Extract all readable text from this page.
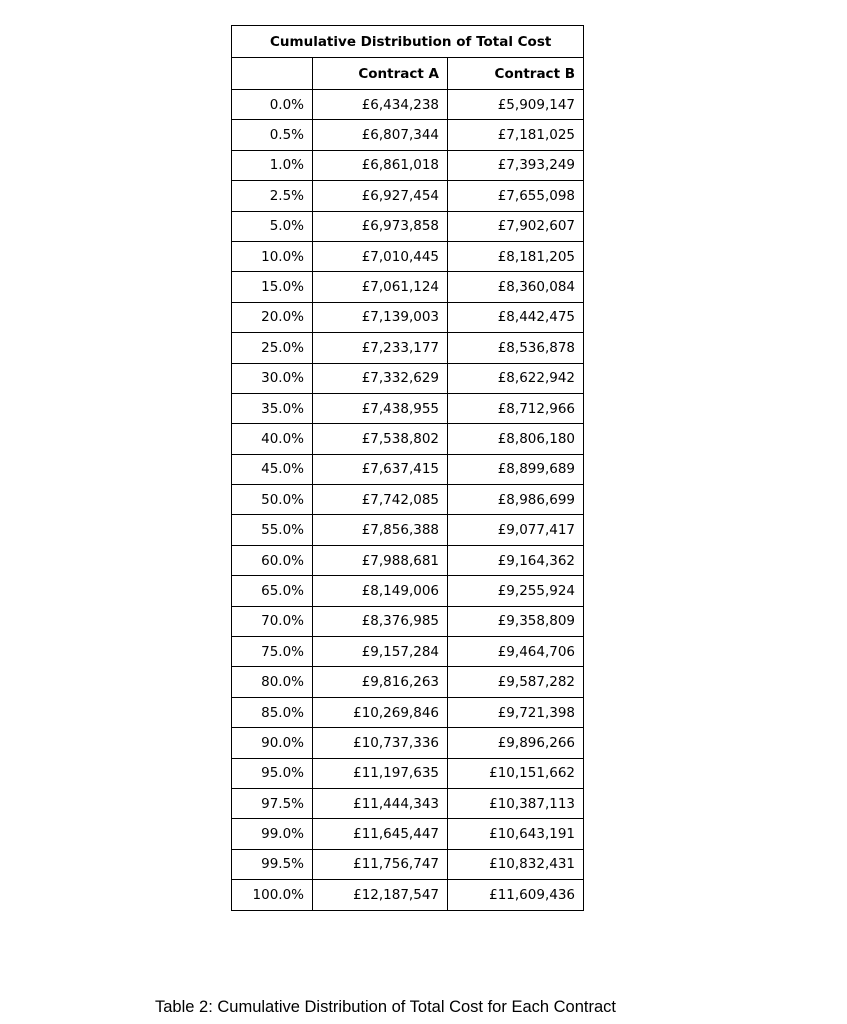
Cumulative Distribution of Total Cost		
	Contract A	Contract B
0.0%	£6,434,238	£5,909,147
0.5%	£6,807,344	£7,181,025
1.0%	£6,861,018	£7,393,249
2.5%	£6,927,454	£7,655,098
5.0%	£6,973,858	£7,902,607
10.0%	£7,010,445	£8,181,205
15.0%	£7,061,124	£8,360,084
20.0%	£7,139,003	£8,442,475
25.0%	£7,233,177	£8,536,878
30.0%	£7,332,629	£8,622,942
35.0%	£7,438,955	£8,712,966
40.0%	£7,538,802	£8,806,180
45.0%	£7,637,415	£8,899,689
50.0%	£7,742,085	£8,986,699
55.0%	£7,856,388	£9,077,417
60.0%	£7,988,681	£9,164,362
65.0%	£8,149,006	£9,255,924
70.0%	£8,376,985	£9,358,809
75.0%	£9,157,284	£9,464,706
80.0%	£9,816,263	£9,587,282
85.0%	£10,269,846	£9,721,398
90.0%	£10,737,336	£9,896,266
95.0%	£11,197,635	£10,151,662
97.5%	£11,444,343	£10,387,113
99.0%	£11,645,447	£10,643,191
99.5%	£11,756,747	£10,832,431
100.0%	£12,187,547	£11,609,436
Table 2: Cumulative Distribution of Total Cost for Each Contract
